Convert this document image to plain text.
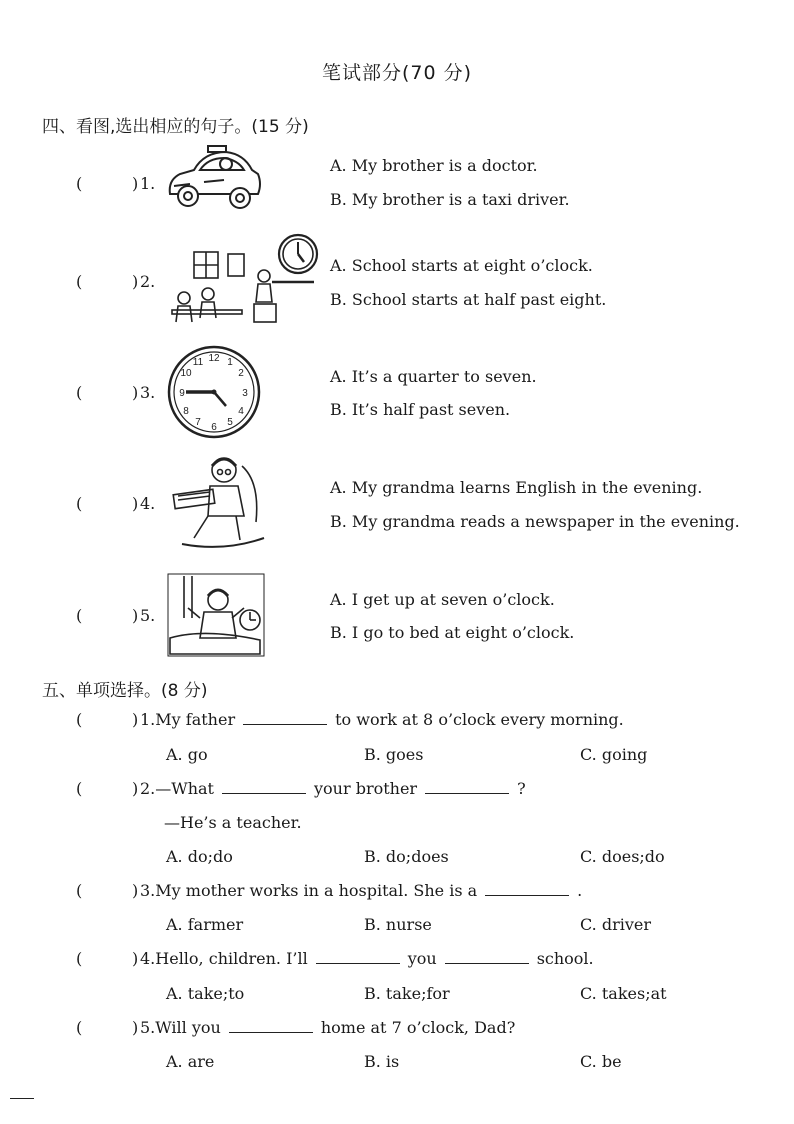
笔试部分(70 分)
四、看图,选出相应的句子。(15 分)
(	) 1.
A. My brother is a doctor.
B. My brother is a taxi driver.
(	) 2.
A. School starts at eight o’clock.
B. School starts at half past eight.
(	) 3.
12 1
2
3
4
5
6
7
8
9
10
11
A. It’s a quarter to seven.
B. It’s half past seven.
(	) 4.
A. My grandma learns English in the evening.
B. My grandma reads a newspaper in the evening.
(	) 5.
A. I get up at seven o’clock.
B. I go to bed at eight o’clock.
五、单项选择。(8 分)
(	) 1.My father	to work at 8 o’clock every morning.
A. go	B. goes	C. going
(	) 2.—What	your brother	?
—He’s a teacher.
A. do;do	B. do;does	C. does;do
(	) 3.My mother works in a hospital. She is a	.
A. farmer	B. nurse	C. driver
(	) 4.Hello, children. I’ll	you	school.
A. take;to	B. take;for	C. takes;at
(	) 5.Will you	home at 7 o’clock, Dad?
A. are	B. is	C. be
